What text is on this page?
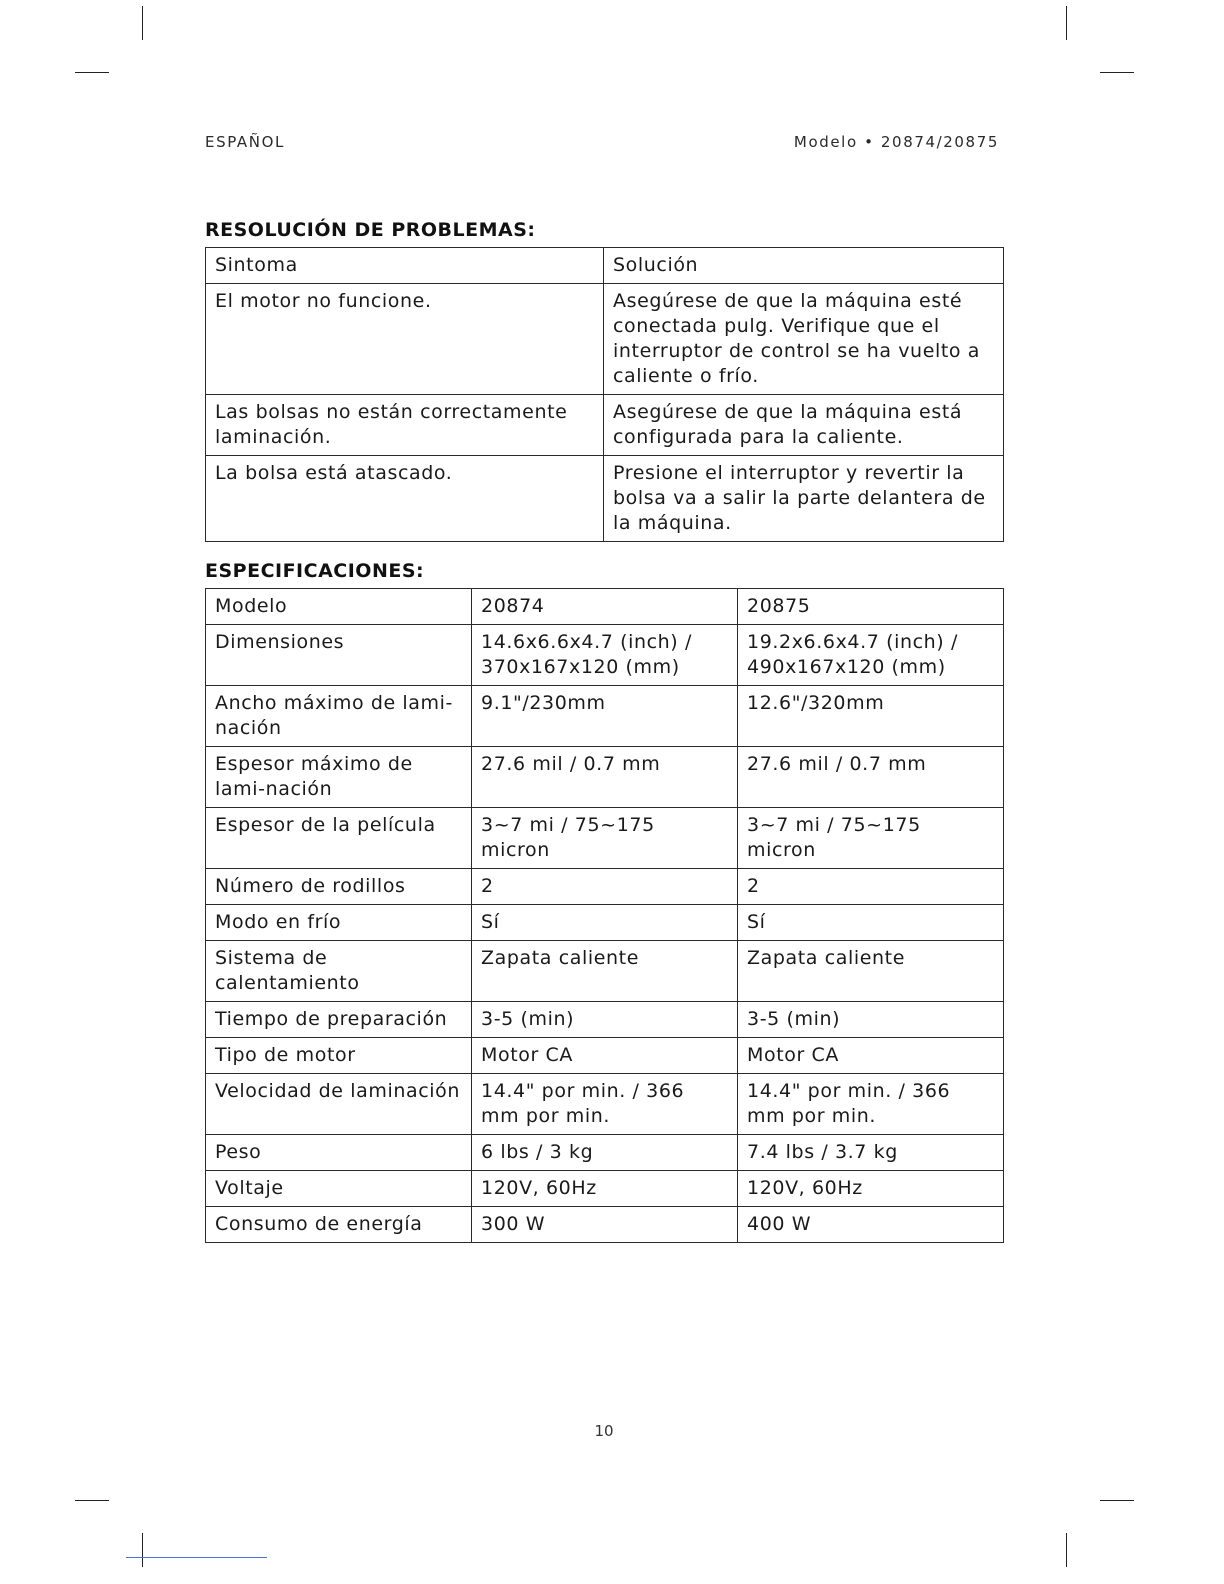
ESPAÑOL	Modelo • 20874/20875
RESOLUCIÓN DE PROBLEMAS:
Sintoma	Solución
El motor no funcione.	Asegúrese de que la máquina esté conectada pulg. Verifique que el interruptor de control se ha vuelto a caliente o frío.
Las bolsas no están correctamente laminación.	Asegúrese de que la máquina está configurada para la caliente.
La bolsa está atascado.	Presione el interruptor y revertir la bolsa va a salir la parte delantera de la máquina.
ESPECIFICACIONES:
Modelo	20874	20875
Dimensiones	14.6x6.6x4.7 (inch) / 370x167x120 (mm)	19.2x6.6x4.7 (inch) / 490x167x120 (mm)
Ancho máximo de lami-nación	9.1"/230mm	12.6"/320mm
Espesor máximo de lami-nación	27.6 mil / 0.7 mm	27.6 mil / 0.7 mm
Espesor de la película	3~7 mi / 75~175 micron	3~7 mi / 75~175 micron
Número de rodillos	2	2
Modo en frío	Sí	Sí
Sistema de calentamiento	Zapata caliente	Zapata caliente
Tiempo de preparación	3-5 (min)	3-5 (min)
Tipo de motor	Motor CA	Motor CA
Velocidad de laminación	14.4" por min. / 366 mm por min.	14.4" por min. / 366 mm por min.
Peso	6 lbs / 3 kg	7.4 lbs / 3.7 kg
Voltaje	120V, 60Hz	120V, 60Hz
Consumo de energía	300 W	400 W
10
